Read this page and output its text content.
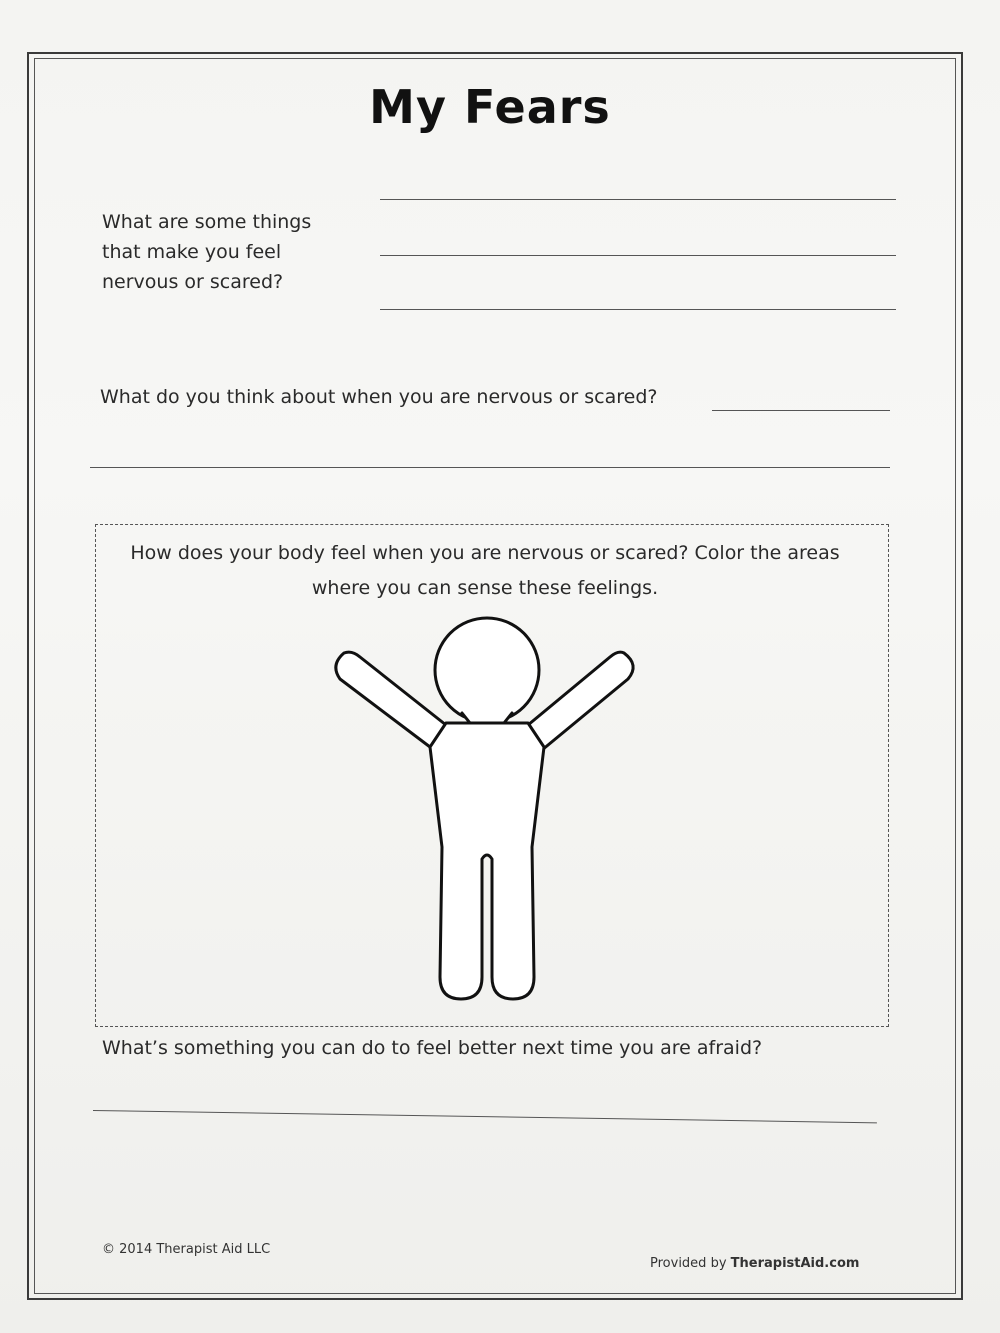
My Fears
What are some things
that make you feel
nervous or scared?
What do you think about when you are nervous or scared?
How does your body feel when you are nervous or scared? Color the areas
where you can sense these feelings.
What’s something you can do to feel better next time you are afraid?
© 2014 Therapist Aid LLC
Provided by TherapistAid.com
